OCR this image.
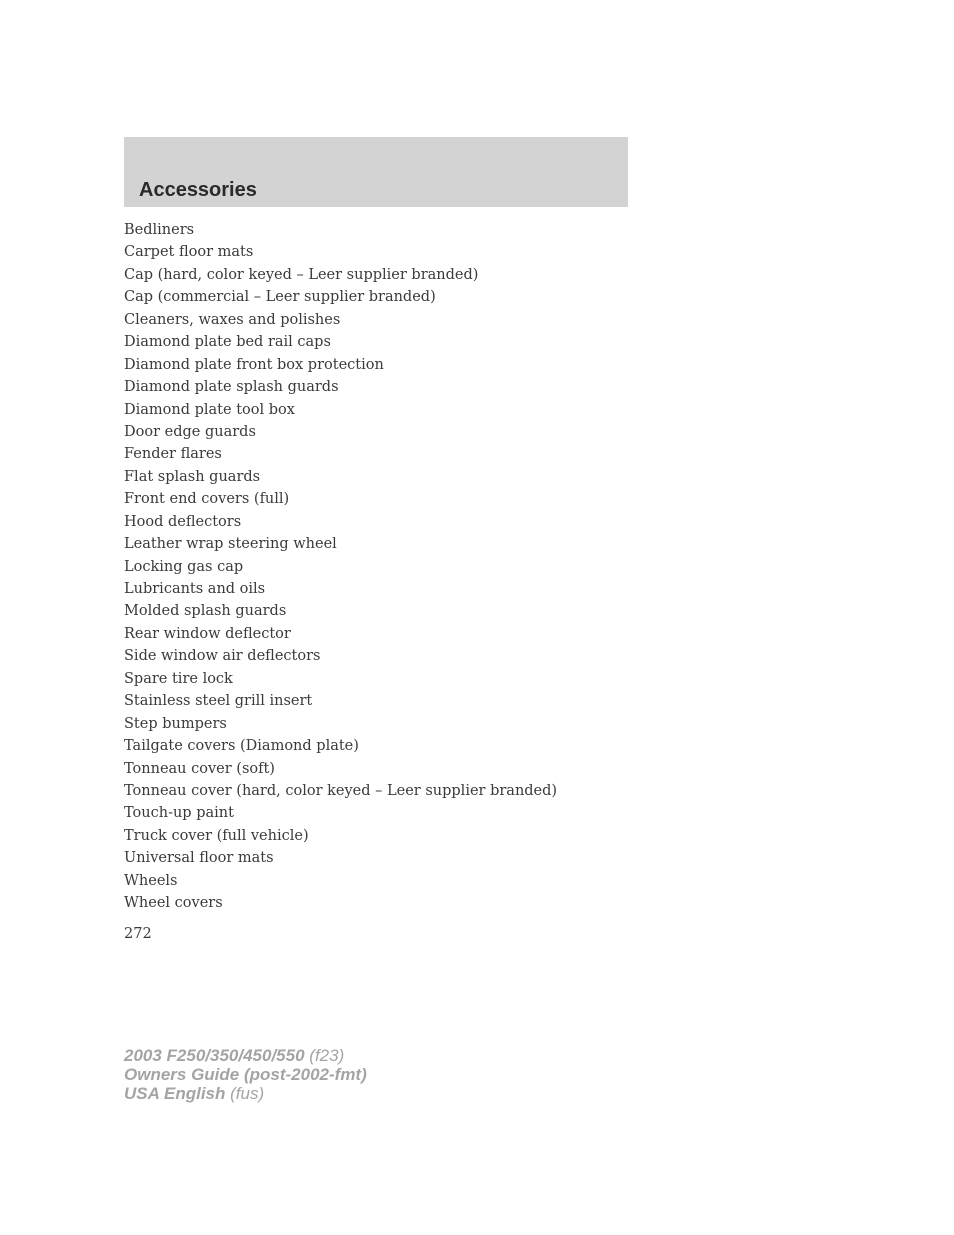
Accessories
Bedliners
Carpet floor mats
Cap (hard, color keyed – Leer supplier branded)
Cap (commercial – Leer supplier branded)
Cleaners, waxes and polishes
Diamond plate bed rail caps
Diamond plate front box protection
Diamond plate splash guards
Diamond plate tool box
Door edge guards
Fender flares
Flat splash guards
Front end covers (full)
Hood deflectors
Leather wrap steering wheel
Locking gas cap
Lubricants and oils
Molded splash guards
Rear window deflector
Side window air deflectors
Spare tire lock
Stainless steel grill insert
Step bumpers
Tailgate covers (Diamond plate)
Tonneau cover (soft)
Tonneau cover (hard, color keyed – Leer supplier branded)
Touch-up paint
Truck cover (full vehicle)
Universal floor mats
Wheels
Wheel covers
272
2003 F250/350/450/550 (f23)
Owners Guide (post-2002-fmt)
USA English (fus)
